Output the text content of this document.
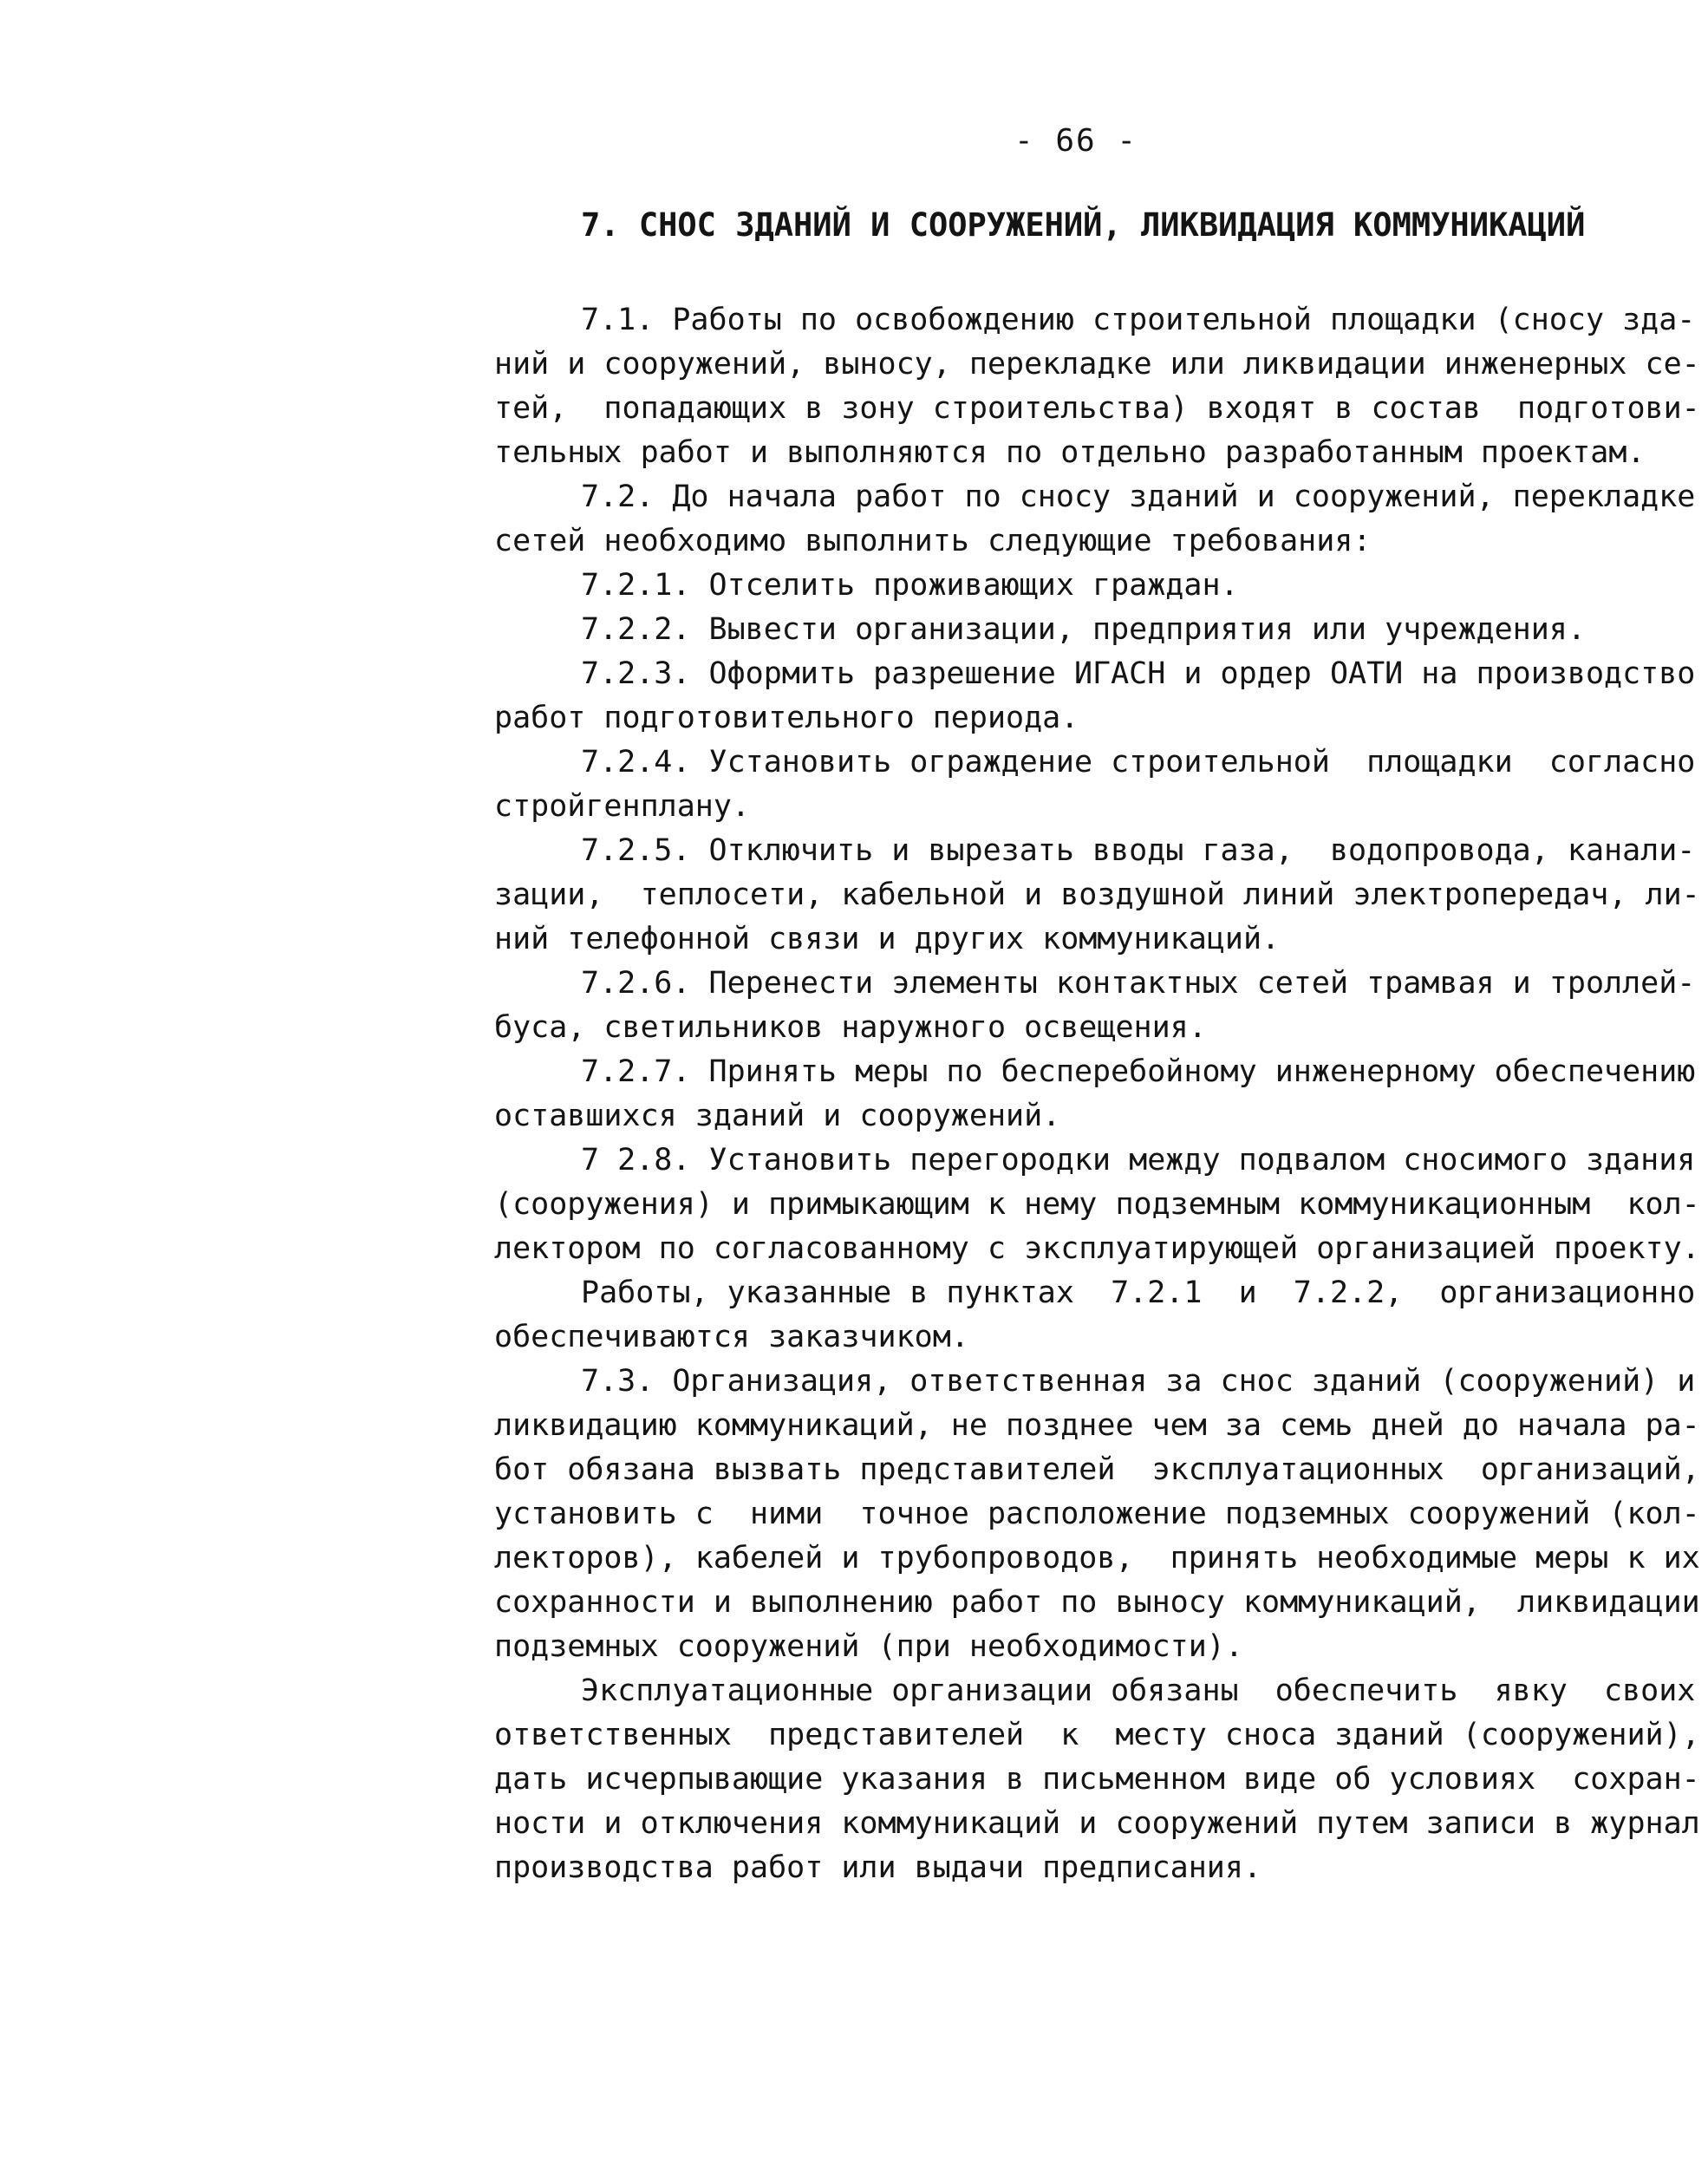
- 66 -
7. СНОС ЗДАНИЙ И СООРУЖЕНИЙ, ЛИКВИДАЦИЯ КОММУНИКАЦИЙ
7.1. Работы по освобождению строительной площадки (сносу зда-
ний и сооружений, выносу, перекладке или ликвидации инженерных се-
тей,  попадающих в зону строительства) входят в состав  подготови-
тельных работ и выполняются по отдельно разработанным проектам.
7.2. До начала работ по сносу зданий и сооружений, перекладке
сетей необходимо выполнить следующие требования:
7.2.1. Отселить проживающих граждан.
7.2.2. Вывести организации, предприятия или учреждения.
7.2.3. Оформить разрешение ИГАСН и ордер ОАТИ на производство
работ подготовительного периода.
7.2.4. Установить ограждение строительной  площадки  согласно
стройгенплану.
7.2.5. Отключить и вырезать вводы газа,  водопровода, канали-
зации,  теплосети, кабельной и воздушной линий электропередач, ли-
ний телефонной связи и других коммуникаций.
7.2.6. Перенести элементы контактных сетей трамвая и троллей-
буса, светильников наружного освещения.
7.2.7. Принять меры по бесперебойному инженерному обеспечению
оставшихся зданий и сооружений.
7 2.8. Установить перегородки между подвалом сносимого здания
(сооружения) и примыкающим к нему подземным коммуникационным  кол-
лектором по согласованному с эксплуатирующей организацией проекту.
Работы, указанные в пунктах  7.2.1  и  7.2.2,  организационно
обеспечиваются заказчиком.
7.3. Организация, ответственная за снос зданий (сооружений) и
ликвидацию коммуникаций, не позднее чем за семь дней до начала ра-
бот обязана вызвать представителей  эксплуатационных  организаций,
установить с  ними  точное расположение подземных сооружений (кол-
лекторов), кабелей и трубопроводов,  принять необходимые меры к их
сохранности и выполнению работ по выносу коммуникаций,  ликвидации
подземных сооружений (при необходимости).
Эксплуатационные организации обязаны  обеспечить  явку  своих
ответственных  представителей  к  месту сноса зданий (сооружений),
дать исчерпывающие указания в письменном виде об условиях  сохран-
ности и отключения коммуникаций и сооружений путем записи в журнал
производства работ или выдачи предписания.
